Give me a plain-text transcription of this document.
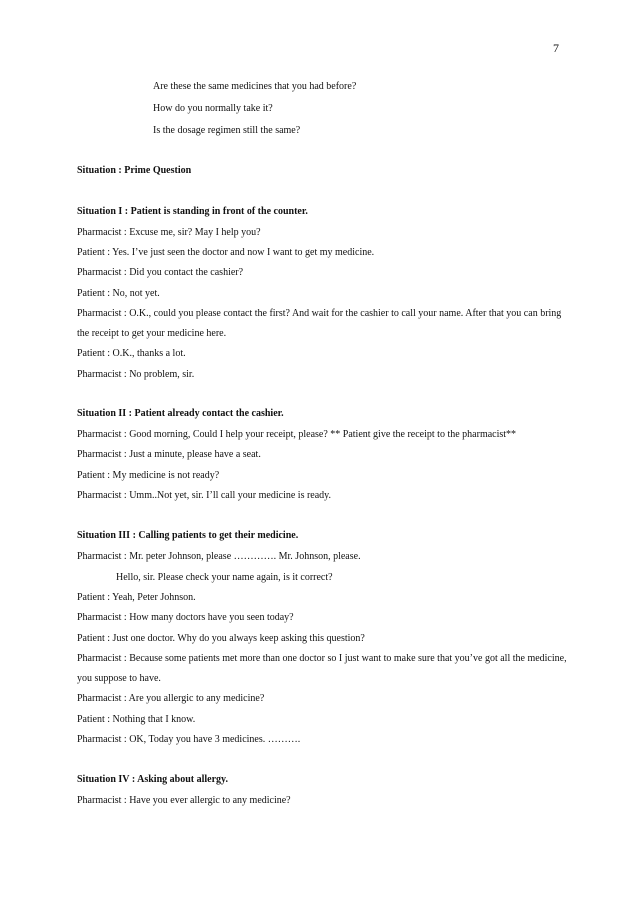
7
Are these the same medicines that you had before?
How do you normally take it?
Is the dosage regimen still the same?
Situation : Prime Question
Situation I : Patient is standing in front of the counter.
Pharmacist : Excuse me, sir? May I help you?
Patient : Yes. I’ve just seen the doctor and now I want to get my medicine.
Pharmacist : Did you contact the cashier?
Patient : No, not yet.
Pharmacist : O.K., could you please contact the first? And wait for the cashier to call your name. After that you can bring
the receipt to get your medicine here.
Patient : O.K., thanks a lot.
Pharmacist : No problem, sir.
Situation II : Patient already contact the cashier.
Pharmacist : Good morning, Could I help your receipt, please? ** Patient give the receipt to the pharmacist**
Pharmacist : Just a minute, please have a seat.
Patient : My medicine is not ready?
Pharmacist : Umm..Not yet, sir. I’ll call your medicine is ready.
Situation III : Calling patients to get their medicine.
Pharmacist : Mr. peter Johnson, please …………. Mr. Johnson, please.
Hello, sir. Please check your name again, is it correct?
Patient : Yeah, Peter Johnson.
Pharmacist : How many doctors have you seen today?
Patient : Just one doctor. Why do you always keep asking this question?
Pharmacist : Because some patients met more than one doctor so I just want to make sure that you’ve got all the medicine,
you suppose to have.
Pharmacist : Are you allergic to any medicine?
Patient : Nothing that I know.
Pharmacist : OK, Today you have 3 medicines. ……….
Situation IV : Asking about allergy.
Pharmacist : Have you ever allergic to any medicine?
